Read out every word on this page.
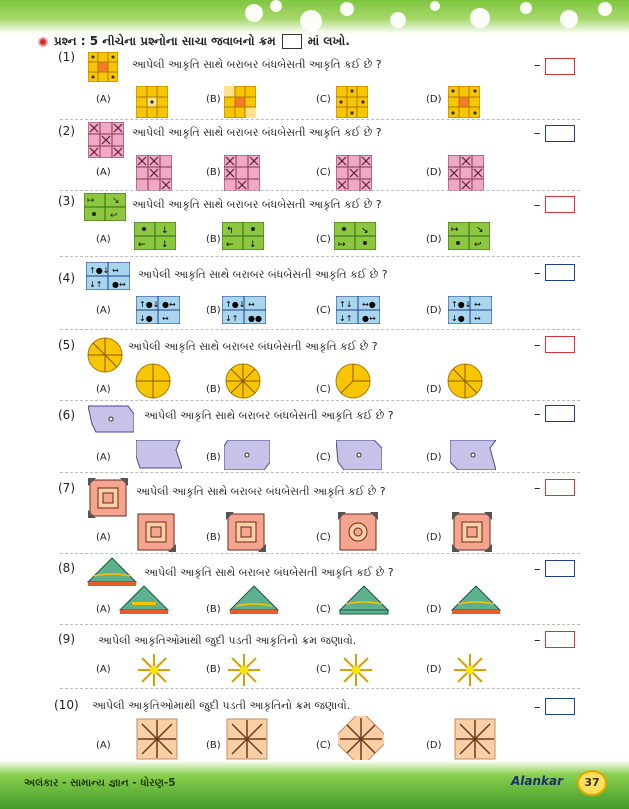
પ્રશ્ન : 5 નીચેના પ્રશ્નોના સાચા જવાબનો ક્રમ	માં લખો.
(1)
આપેલી આકૃતિ સાથે બરાબર બંધબેસતી આકૃતિ કઈ છે ?	–
(A)	(B)	(C)	(D)
(2)	આપેલી આકૃતિ સાથે બરાબર બંધબેસતી આકૃતિ કઈ છે ?	–
(A)	(B)	(C)	(D)
(3)	આપેલી આકૃતિ સાથે બરાબર બંધબેસતી આકૃતિ કઈ છે ?	–
↦ ↘
↩
(A)	(B)	(C)	(D)
↓
← ↓
↰
← ↓
↘
↦
↦ ↘
↩
(4)	આપેલી આકૃતિ સાથે બરાબર બંધબેસતી આકૃતિ કઈ છે ?	–
↑●↓ ↔
↓↑ ●↔
(A)	(B)	(C)	(D)
↑●↓ ●↔
↓● ↔
↑●↓ ↔
↓↑ ●●
↑↓ ↔●
↓↑ ●↔
↑●↓ ↔
↓● ↔
(5)	આપેલી આકૃતિ સાથે બરાબર બંધબેસતી આકૃતિ કઈ છે ?	–
(A)	(B)	(C)	(D)
(6)	આપેલી આકૃતિ સાથે બરાબર બંધબેસતી આકૃતિ કઈ છે ?	–
(A)	(B)	(C)	(D)
(7)	આપેલી આકૃતિ સાથે બરાબર બંધબેસતી આકૃતિ કઈ છે ?	–
(A)	(B)	(C)	(D)
(8)	આપેલી આકૃતિ સાથે બરાબર બંધબેસતી આકૃતિ કઈ છે ?	–
(A)	(B)	(C)	(D)
(9) આપેલી આકૃતિઓમાંથી જુદી પડતી આકૃતિનો ક્રમ જણાવો.	–
(A)	(B)	(C)	(D)
(10) આપેલી આકૃતિઓમાંથી જુદી પડતી આકૃતિનો ક્રમ જણાવો.	–
(A)	(B)	(C)	(D)
અલંકાર - સામાન્ય જ્ઞાન - ધોરણ-5	Alankar	37
